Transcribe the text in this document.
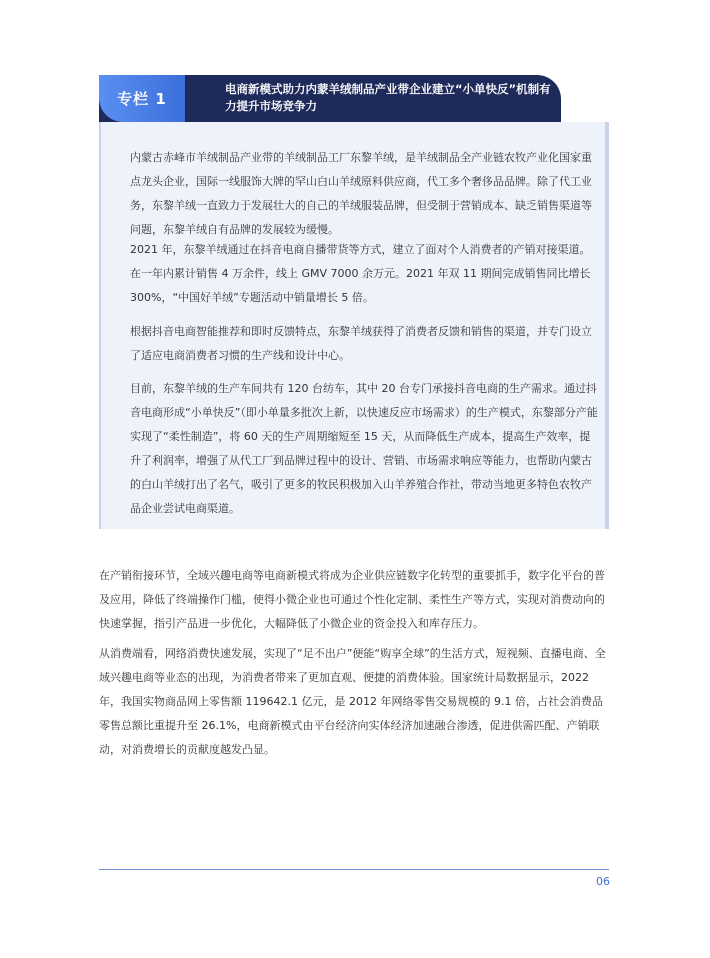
专栏 1
电商新模式助力内蒙羊绒制品产业带企业建立“小单快反”机制有力提升市场竞争力

内蒙古赤峰市羊绒制品产业带的羊绒制品工厂东黎羊绒，是羊绒制品全产业链农牧产业化国家重点龙头企业，国际一线服饰大牌的罕山白山羊绒原料供应商，代工多个奢侈品品牌。除了代工业务，东黎羊绒一直致力于发展壮大的自己的羊绒服装品牌，但受制于营销成本、缺乏销售渠道等问题，东黎羊绒自有品牌的发展较为缓慢。

2021 年，东黎羊绒通过在抖音电商自播带货等方式，建立了面对个人消费者的产销对接渠道。在一年内累计销售 4 万余件，线上 GMV 7000 余万元。2021 年双 11 期间完成销售同比增长 300%，“中国好羊绒”专题活动中销量增长 5 倍。

根据抖音电商智能推荐和即时反馈特点，东黎羊绒获得了消费者反馈和销售的渠道，并专门设立了适应电商消费者习惯的生产线和设计中心。

目前，东黎羊绒的生产车间共有 120 台纺车，其中 20 台专门承接抖音电商的生产需求。通过抖音电商形成“小单快反”（即小单量多批次上新，以快速反应市场需求）的生产模式，东黎部分产能实现了“柔性制造”，将 60 天的生产周期缩短至 15 天，从而降低生产成本，提高生产效率，提升了利润率，增强了从代工厂到品牌过程中的设计、营销、市场需求响应等能力，也帮助内蒙古的白山羊绒打出了名气，吸引了更多的牧民积极加入山羊养殖合作社，带动当地更多特色农牧产品企业尝试电商渠道。

在产销衔接环节，全域兴趣电商等电商新模式将成为企业供应链数字化转型的重要抓手，数字化平台的普及应用，降低了终端操作门槛，使得小微企业也可通过个性化定制、柔性生产等方式，实现对消费动向的快速掌握，指引产品进一步优化，大幅降低了小微企业的资金投入和库存压力。

从消费端看，网络消费快速发展，实现了“足不出户”便能“购享全球”的生活方式，短视频、直播电商、全域兴趣电商等业态的出现，为消费者带来了更加直观、便捷的消费体验。国家统计局数据显示，2022 年，我国实物商品网上零售额 119642.1 亿元，是 2012 年网络零售交易规模的 9.1 倍，占社会消费品零售总额比重提升至 26.1%，电商新模式由平台经济向实体经济加速融合渗透，促进供需匹配、产销联动，对消费增长的贡献度越发凸显。

06
